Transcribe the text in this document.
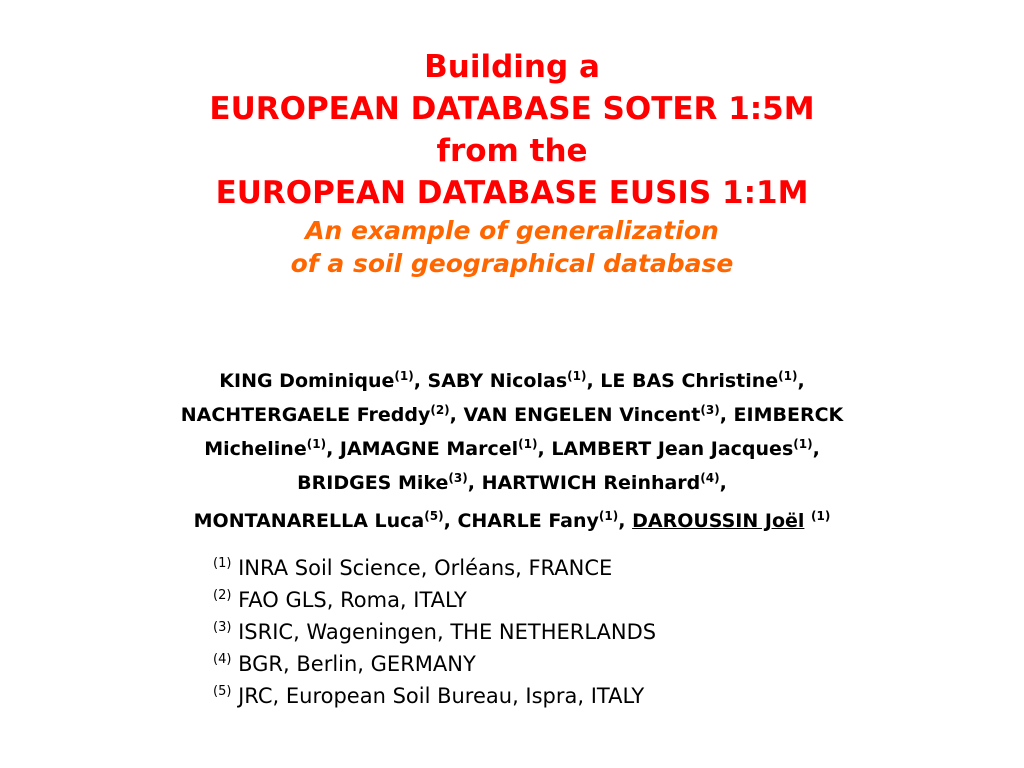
Building a
EUROPEAN DATABASE SOTER 1:5M
from the
EUROPEAN DATABASE EUSIS 1:1M
An example of generalization
of a soil geographical database
KING Dominique$^{(1)}$, SABY Nicolas$^{(1)}$, LE BAS Christine$^{(1)}$,
NACHTERGAELE Freddy$^{(2)}$, VAN ENGELEN Vincent$^{(3)}$, EIMBERCK
Micheline$^{(1)}$, JAMAGNE Marcel$^{(1)}$, LAMBERT Jean Jacques$^{(1)}$,
BRIDGES Mike$^{(3)}$, HARTWICH Reinhard$^{(4)}$,
MONTANARELLA Luca$^{(5)}$, CHARLE Fany$^{(1)}$, DAROUSSIN Joël $^{(1)}$
$^{(1)}$ INRA Soil Science, Orléans, FRANCE
$^{(2)}$ FAO GLS, Roma, ITALY
$^{(3)}$ ISRIC, Wageningen, THE NETHERLANDS
$^{(4)}$ BGR, Berlin, GERMANY
$^{(5)}$ JRC, European Soil Bureau, Ispra, ITALY
